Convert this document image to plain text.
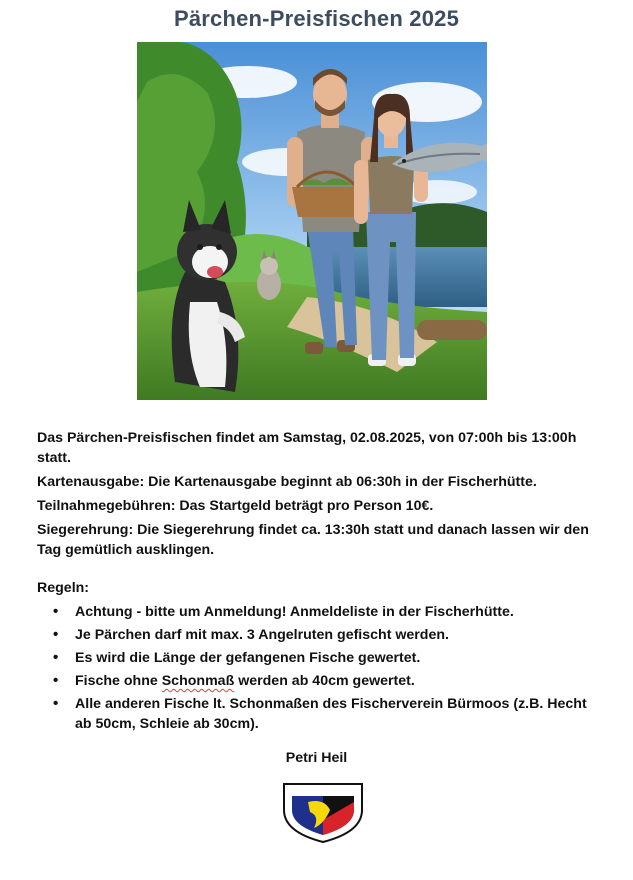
Pärchen-Preisfischen 2025

Das Pärchen-Preisfischen findet am Samstag, 02.08.2025, von 07:00h bis 13:00h statt.

Kartenausgabe: Die Kartenausgabe beginnt ab 06:30h in der Fischerhütte.

Teilnahmegebühren: Das Startgeld beträgt pro Person 10€.

Siegerehrung: Die Siegerehrung findet ca. 13:30h statt und danach lassen wir den Tag gemütlich ausklingen.

Regeln:

• Achtung - bitte um Anmeldung! Anmeldeliste in der Fischerhütte.
• Je Pärchen darf mit max. 3 Angelruten gefischt werden.
• Es wird die Länge der gefangenen Fische gewertet.
• Fische ohne Schonmaß werden ab 40cm gewertet.
• Alle anderen Fische lt. Schonmaßen des Fischerverein Bürmoos (z.B. Hecht ab 50cm, Schleie ab 30cm).
Petri Heil
